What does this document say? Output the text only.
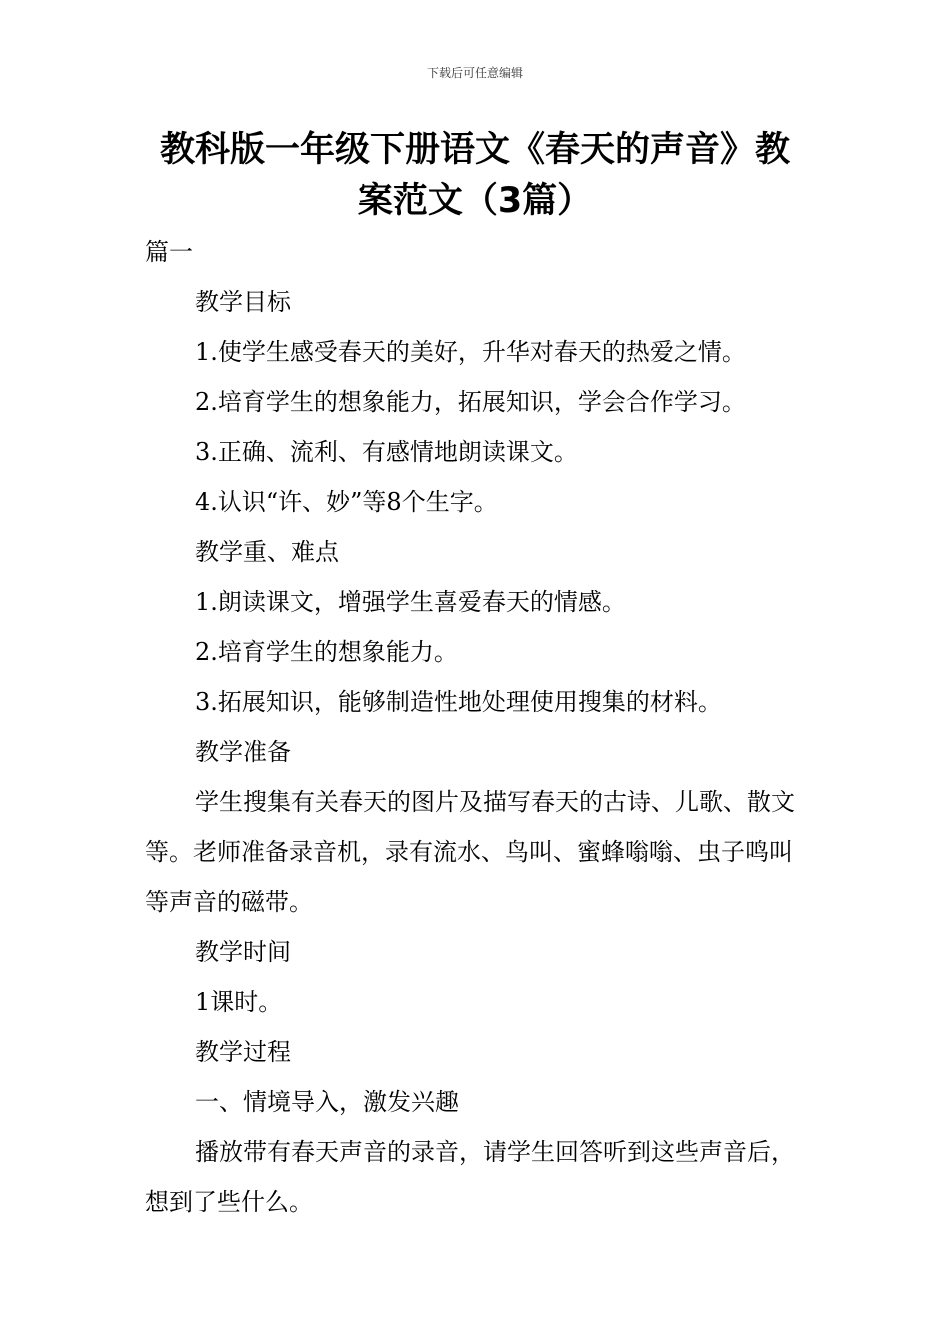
下载后可任意编辑
教科版一年级下册语文《春天的声音》教案范文（3篇）

篇一

教学目标

1.使学生感受春天的美好，升华对春天的热爱之情。

2.培育学生的想象能力，拓展知识，学会合作学习。

3.正确、流利、有感情地朗读课文。

4.认识“许、妙”等8个生字。

教学重、难点

1.朗读课文，增强学生喜爱春天的情感。

2.培育学生的想象能力。

3.拓展知识，能够制造性地处理使用搜集的材料。

教学准备

学生搜集有关春天的图片及描写春天的古诗、儿歌、散文等。老师准备录音机，录有流水、鸟叫、蜜蜂嗡嗡、虫子鸣叫等声音的磁带。

教学时间

1课时。

教学过程

一、情境导入，激发兴趣

播放带有春天声音的录音，请学生回答听到这些声音后，想到了些什么。
